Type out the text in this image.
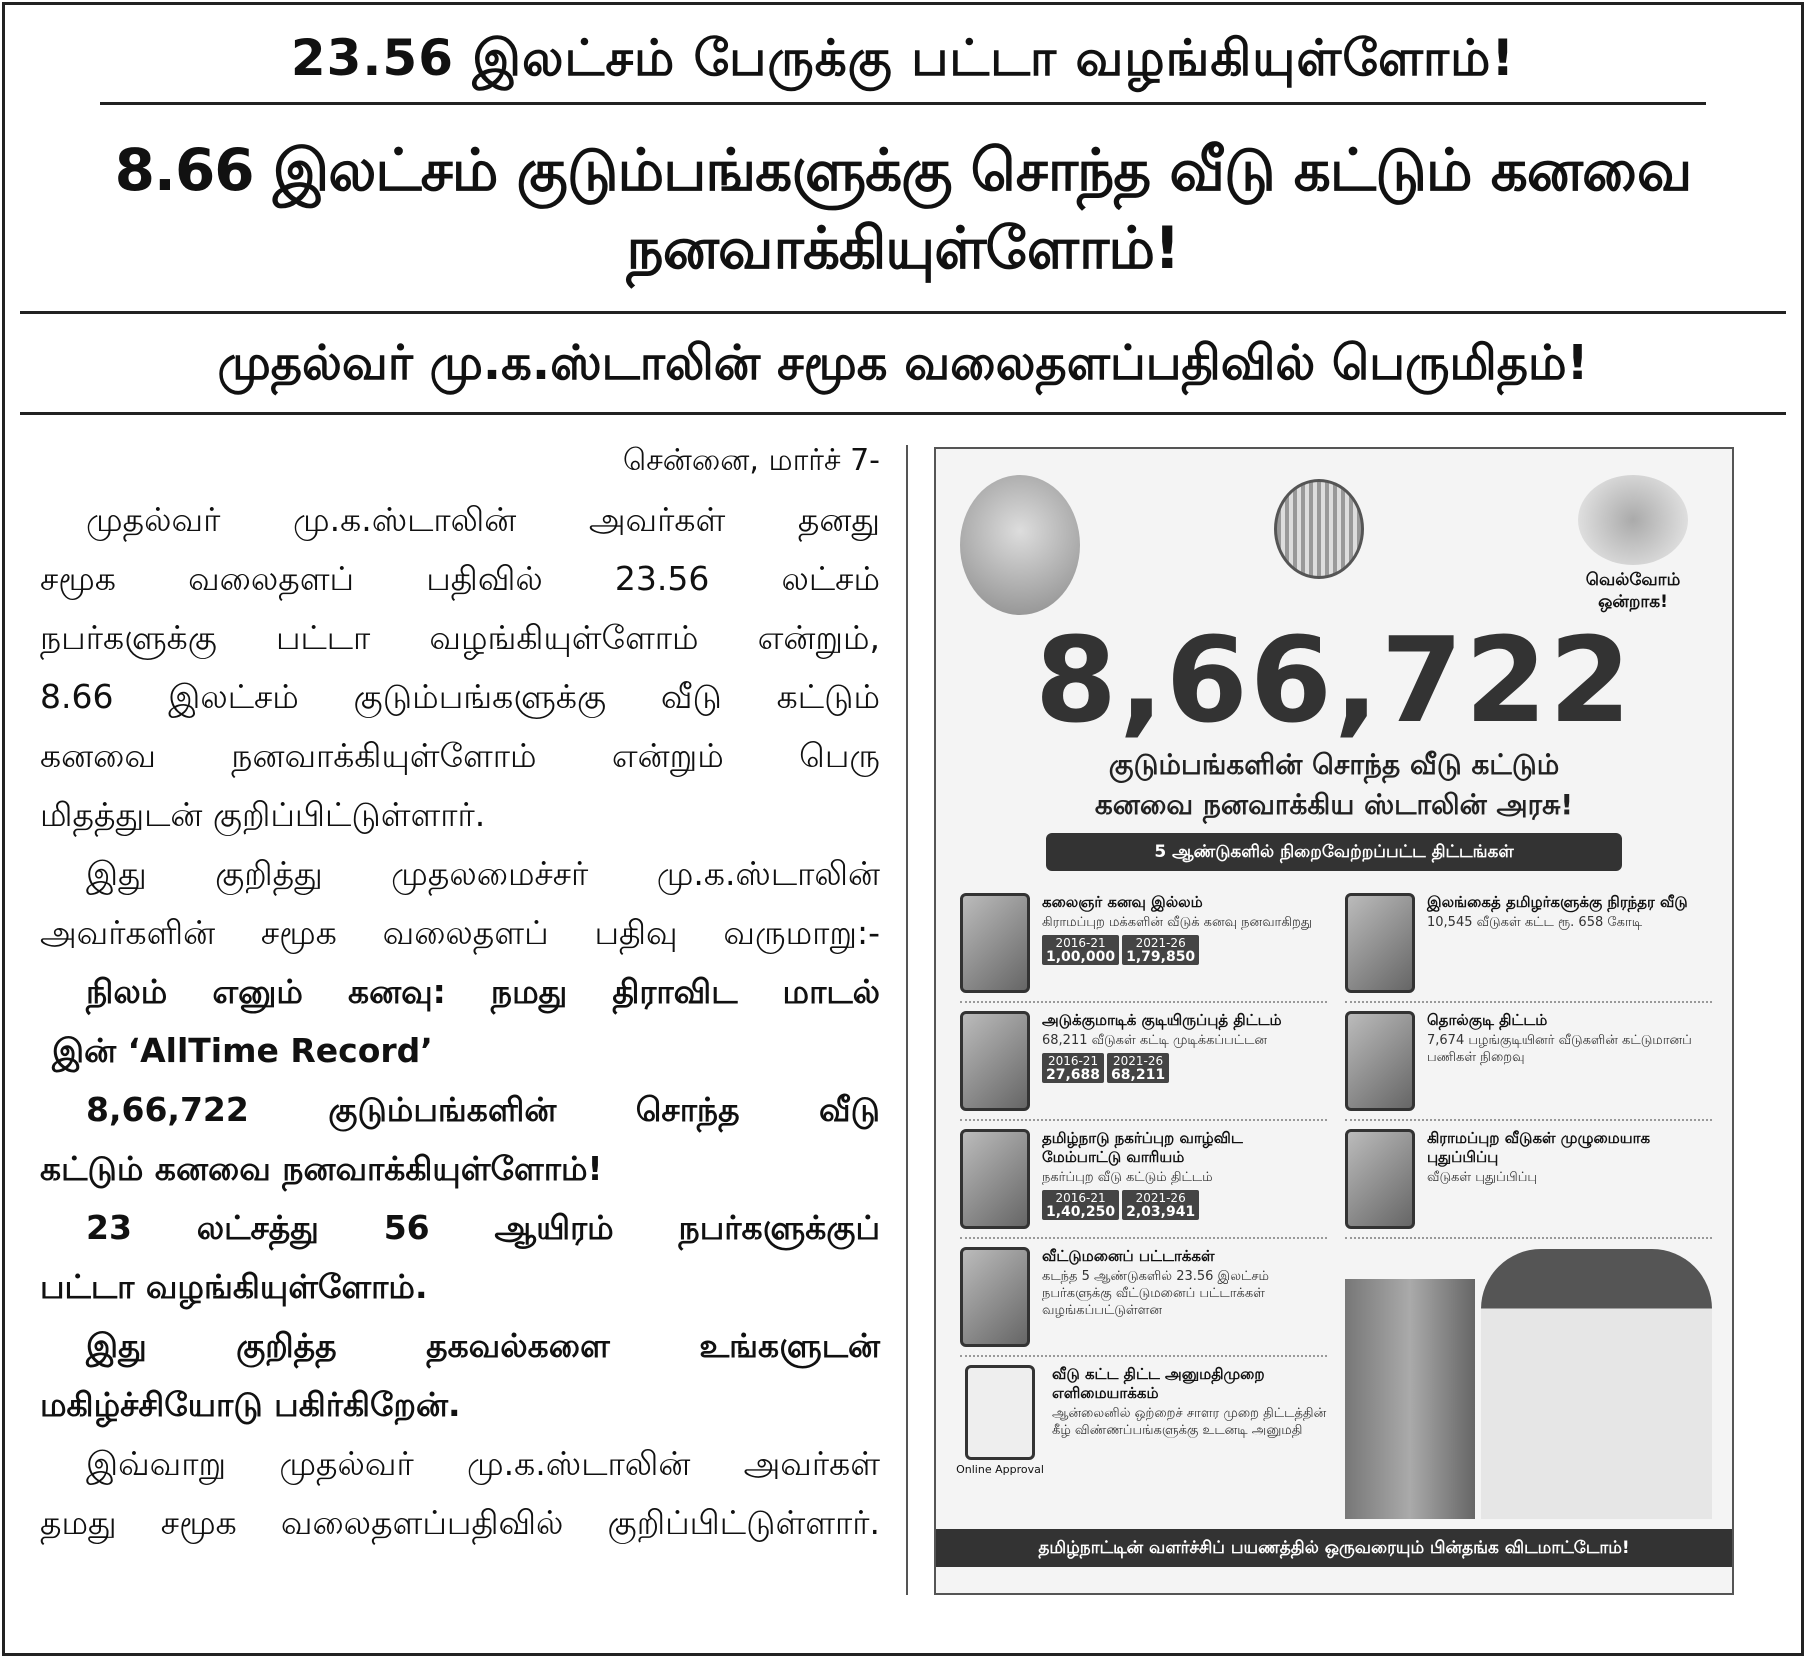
23.56 இலட்சம் பேருக்கு பட்டா வழங்கியுள்ளோம்!
8.66 இலட்சம் குடும்பங்களுக்கு சொந்த வீடு கட்டும் கனவை நனவாக்கியுள்ளோம்!
முதல்வர் மு.க.ஸ்டாலின் சமூக வலைதளப்பதிவில் பெருமிதம்!
சென்னை, மார்ச் 7-
முதல்வர் மு.க.ஸ்டாலின் அவர்கள் தனது
சமூக வலைதளப் பதிவில் 23.56 லட்சம்
நபர்களுக்கு பட்டா வழங்கியுள்ளோம் என்றும்,
8.66 இலட்சம் குடும்பங்களுக்கு வீடு கட்டும்
கனவை நனவாக்கியுள்ளோம் என்றும் பெரு
மிதத்துடன் குறிப்பிட்டுள்ளார்.
இது குறித்து முதலமைச்சர் மு.க.ஸ்டாலின்
அவர்களின் சமூக வலைதளப் பதிவு வருமாறு:-
நிலம் எனும் கனவு: நமது திராவிட மாடல்
இன் ‘AllTime Record’
8,66,722 குடும்பங்களின் சொந்த வீடு
கட்டும் கனவை நனவாக்கியுள்ளோம்!
23 லட்சத்து 56 ஆயிரம் நபர்களுக்குப்
பட்டா வழங்கியுள்ளோம்.
இது குறித்த தகவல்களை உங்களுடன்
மகிழ்ச்சியோடு பகிர்கிறேன்.
இவ்வாறு முதல்வர் மு.க.ஸ்டாலின் அவர்கள்
தமது சமூக வலைதளப்பதிவில் குறிப்பிட்டுள்ளார்.
வெல்வோம் ஒன்றாக!
8,66,722
குடும்பங்களின் சொந்த வீடு கட்டும்
கனவை நனவாக்கிய ஸ்டாலின் அரசு!
5 ஆண்டுகளில் நிறைவேற்றப்பட்ட திட்டங்கள்
கலைஞர் கனவு இல்லம்
கிராமப்புற மக்களின் வீடுக் கனவு நனவாகிறது
2016-21
1,00,000
2021-26
1,79,850
அடுக்குமாடிக் குடியிருப்புத் திட்டம்
68,211 வீடுகள் கட்டி முடிக்கப்பட்டன
2016-21
27,688
2021-26
68,211
தமிழ்நாடு நகர்ப்புற வாழ்விட மேம்பாட்டு வாரியம்
நகர்ப்புற வீடு கட்டும் திட்டம்
2016-21
1,40,250
2021-26
2,03,941
வீட்டுமனைப் பட்டாக்கள்
கடந்த 5 ஆண்டுகளில் 23.56 இலட்சம் நபர்களுக்கு வீட்டுமனைப் பட்டாக்கள் வழங்கப்பட்டுள்ளன
Online Approval
வீடு கட்ட திட்ட அனுமதிமுறை எளிமையாக்கம்
ஆன்லைனில் ஒற்றைச் சாளர முறை திட்டத்தின் கீழ் விண்ணப்பங்களுக்கு உடனடி அனுமதி
இலங்கைத் தமிழர்களுக்கு நிரந்தர வீடு
10,545 வீடுகள் கட்ட ரூ. 658 கோடி
தொல்குடி திட்டம்
7,674 பழங்குடியினர் வீடுகளின் கட்டுமானப் பணிகள் நிறைவு
கிராமப்புற வீடுகள் முழுமையாக புதுப்பிப்பு
வீடுகள் புதுப்பிப்பு
தமிழ்நாட்டின் வளர்ச்சிப் பயணத்தில் ஒருவரையும் பின்தங்க விடமாட்டோம்!
